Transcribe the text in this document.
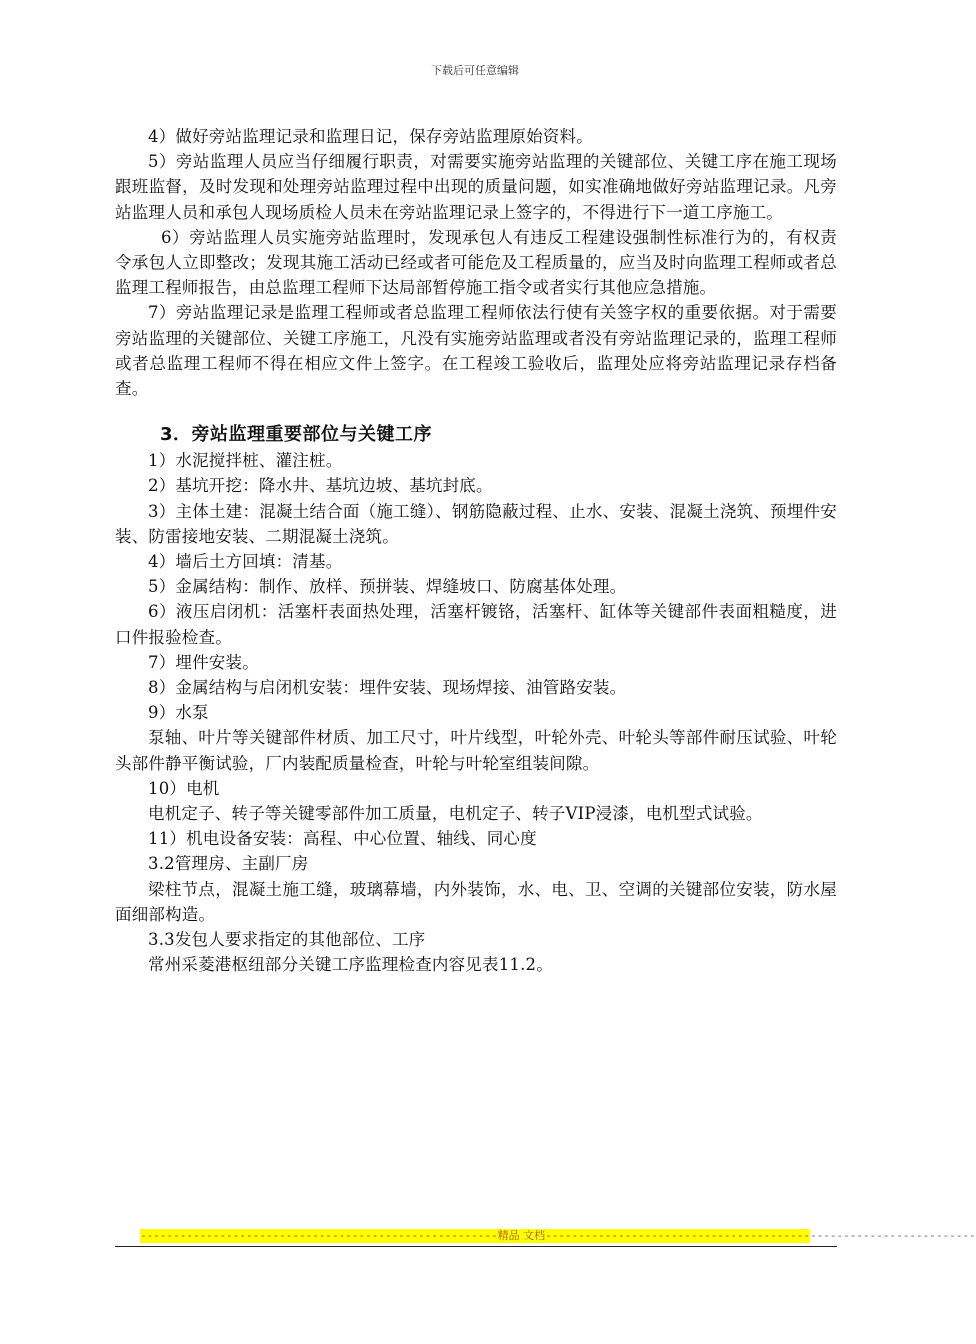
下载后可任意编辑

4）做好旁站监理记录和监理日记，保存旁站监理原始资料。

5）旁站监理人员应当仔细履行职责，对需要实施旁站监理的关键部位、关键工序在施工现场跟班监督，及时发现和处理旁站监理过程中出现的质量问题，如实准确地做好旁站监理记录。凡旁站监理人员和承包人现场质检人员未在旁站监理记录上签字的，不得进行下一道工序施工。

6）旁站监理人员实施旁站监理时，发现承包人有违反工程建设强制性标准行为的，有权责令承包人立即整改；发现其施工活动已经或者可能危及工程质量的，应当及时向监理工程师或者总监理工程师报告，由总监理工程师下达局部暂停施工指令或者实行其他应急措施。

7）旁站监理记录是监理工程师或者总监理工程师依法行使有关签字权的重要依据。对于需要旁站监理的关键部位、关键工序施工，凡没有实施旁站监理或者没有旁站监理记录的，监理工程师或者总监理工程师不得在相应文件上签字。在工程竣工验收后，监理处应将旁站监理记录存档备查。

3．旁站监理重要部位与关键工序

1）水泥搅拌桩、灌注桩。

2）基坑开挖：降水井、基坑边坡、基坑封底。

3）主体土建：混凝土结合面（施工缝）、钢筋隐蔽过程、止水、安装、混凝土浇筑、预埋件安装、防雷接地安装、二期混凝土浇筑。

4）墙后土方回填：清基。

5）金属结构：制作、放样、预拼装、焊缝坡口、防腐基体处理。

6）液压启闭机：活塞杆表面热处理，活塞杆镀铬，活塞杆、缸体等关键部件表面粗糙度，进口件报验检查。

7）埋件安装。

8）金属结构与启闭机安装：埋件安装、现场焊接、油管路安装。

9）水泵

泵轴、叶片等关键部件材质、加工尺寸，叶片线型，叶轮外壳、叶轮头等部件耐压试验、叶轮头部件静平衡试验，厂内装配质量检查，叶轮与叶轮室组装间隙。

10）电机

电机定子、转子等关键零部件加工质量，电机定子、转子VIP浸漆，电机型式试验。

11）机电设备安装：高程、中心位置、轴线、同心度

3.2管理房、主副厂房

梁柱节点，混凝土施工缝，玻璃幕墙，内外装饰，水、电、卫、空调的关键部位安装，防水屋面细部构造。

3.3发包人要求指定的其他部位、工序

常州采菱港枢纽部分关键工序监理检查内容见表11.2。

------------------------------------------------------精品 文档-----------------------------------------------------------------
